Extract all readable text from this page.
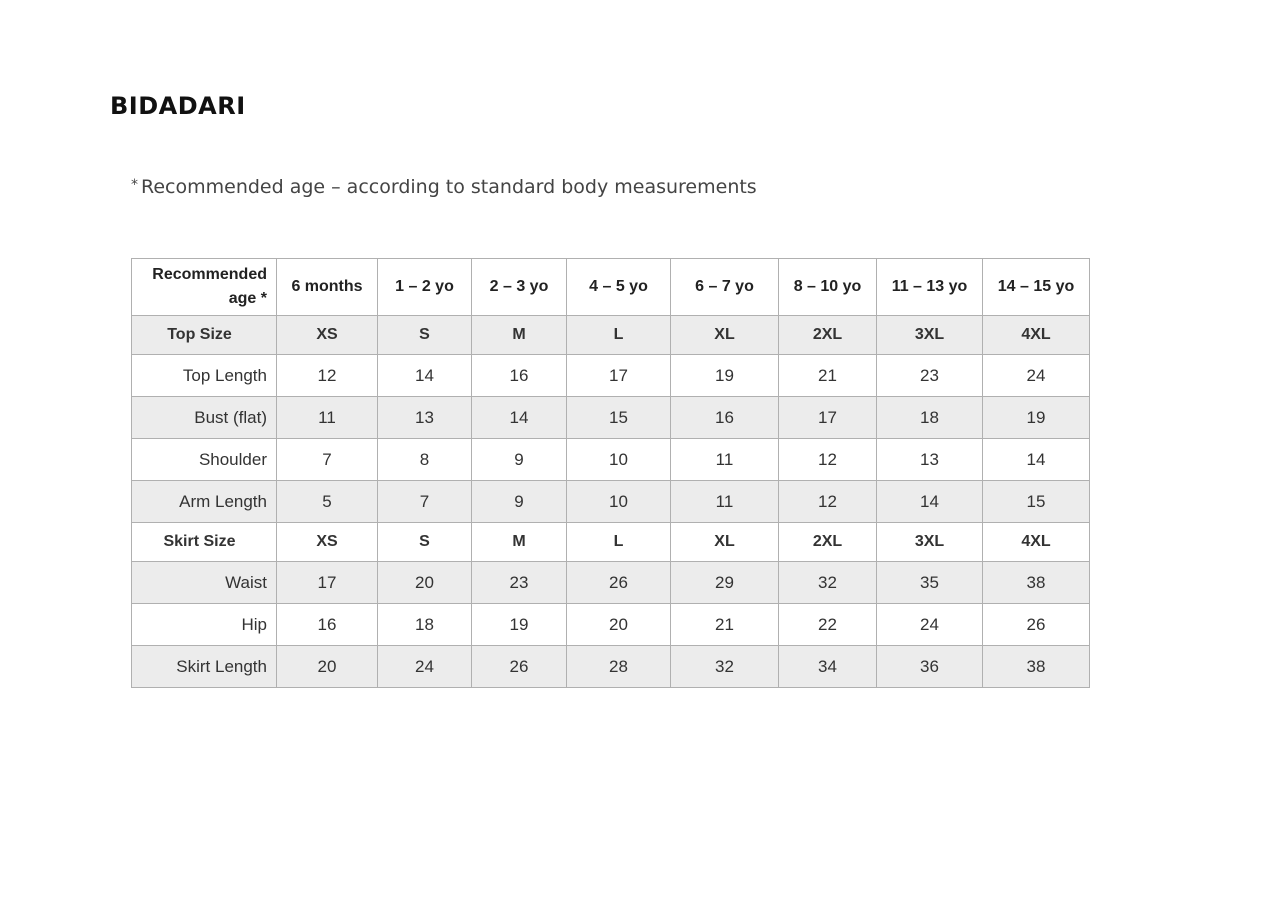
BIDADARI
* Recommended age – according to standard body measurements
Recommended
age *	6 months	1 – 2 yo	2 – 3 yo	4 – 5 yo	6 – 7 yo	8 – 10 yo	11 – 13 yo	14 – 15 yo
Top Size	XS	S	M	L	XL	2XL	3XL	4XL
Top Length	12	14	16	17	19	21	23	24
Bust (flat)	11	13	14	15	16	17	18	19
Shoulder	7	8	9	10	11	12	13	14
Arm Length	5	7	9	10	11	12	14	15
Skirt Size	XS	S	M	L	XL	2XL	3XL	4XL
Waist	17	20	23	26	29	32	35	38
Hip	16	18	19	20	21	22	24	26
Skirt Length	20	24	26	28	32	34	36	38
